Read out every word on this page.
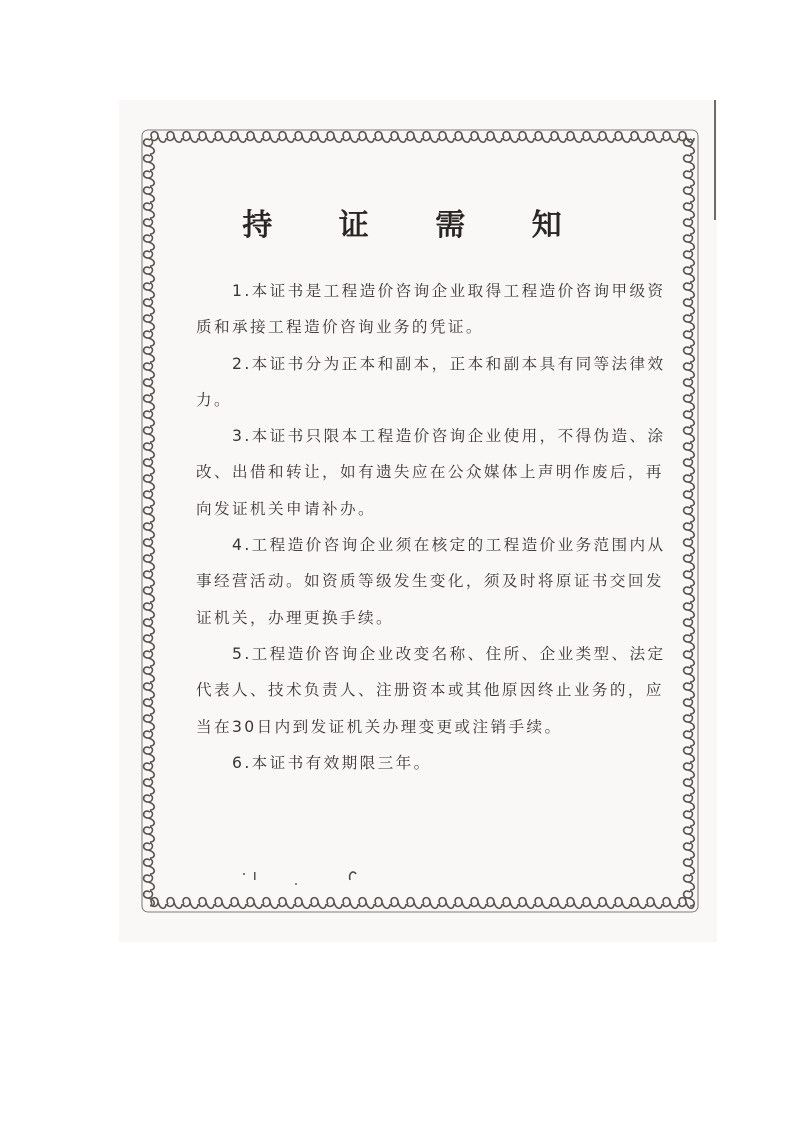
持 证 需 知

1.本证书是工程造价咨询企业取得工程造价咨询甲级资质和承接工程造价咨询业务的凭证。

2.本证书分为正本和副本，正本和副本具有同等法律效力。

3.本证书只限本工程造价咨询企业使用，不得伪造、涂改、出借和转让，如有遗失应在公众媒体上声明作废后，再向发证机关申请补办。

4.工程造价咨询企业须在核定的工程造价业务范围内从事经营活动。如资质等级发生变化，须及时将原证书交回发证机关，办理更换手续。

5.工程造价咨询企业改变名称、住所、企业类型、法定代表人、技术负责人、注册资本或其他原因终止业务的，应当在30日内到发证机关办理变更或注销手续。

6.本证书有效期限三年。
